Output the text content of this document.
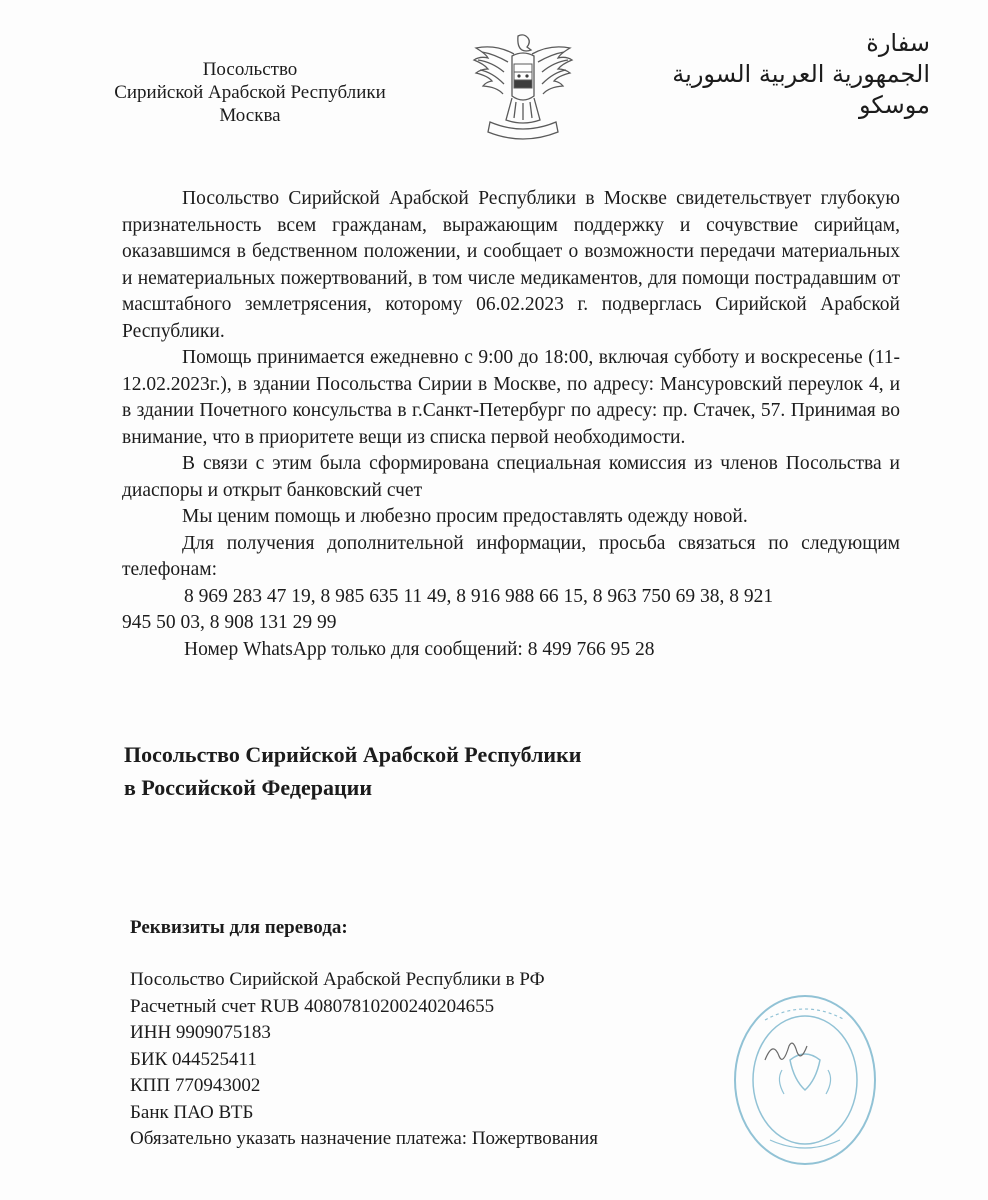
Посольство
Сирийской Арабской Республики
Москва
سفارة
الجمهورية العربية السورية
موسكو

Посольство Сирийской Арабской Республики в Москве свидетельствует глубокую признательность всем гражданам, выражающим поддержку и сочувствие сирийцам, оказавшимся в бедственном положении, и сообщает о возможности передачи материальных и нематериальных пожертвований, в том числе медикаментов, для помощи пострадавшим от масштабного землетрясения, которому 06.02.2023 г. подверглась Сирийской Арабской Республики.

Помощь принимается ежедневно с 9:00 до 18:00, включая субботу и воскресенье (11-12.02.2023г.), в здании Посольства Сирии в Москве, по адресу: Мансуровский переулок 4, и в здании Почетного консульства в г.Санкт-Петербург по адресу: пр. Стачек, 57. Принимая во внимание, что в приоритете вещи из списка первой необходимости.

В связи с этим была сформирована специальная комиссия из членов Посольства и диаспоры и открыт банковский счет

Мы ценим помощь и любезно просим предоставлять одежду новой.

Для получения дополнительной информации, просьба связаться по следующим телефонам:

8 969 283 47 19, 8 985 635 11 49, 8 916 988 66 15, 8 963 750 69 38, 8 921

945 50 03, 8 908 131 29 99

Номер WhatsApp только для сообщений: 8 499 766 95 28

Посольство Сирийской Арабской Республики
в Российской Федерации
Реквизиты для перевода:
Посольство Сирийской Арабской Республики в РФ
Расчетный счет RUB 40807810200240204655
ИНН 9909075183
БИК 044525411
КПП 770943002
Банк ПАО ВТБ
Обязательно указать назначение платежа: Пожертвования
